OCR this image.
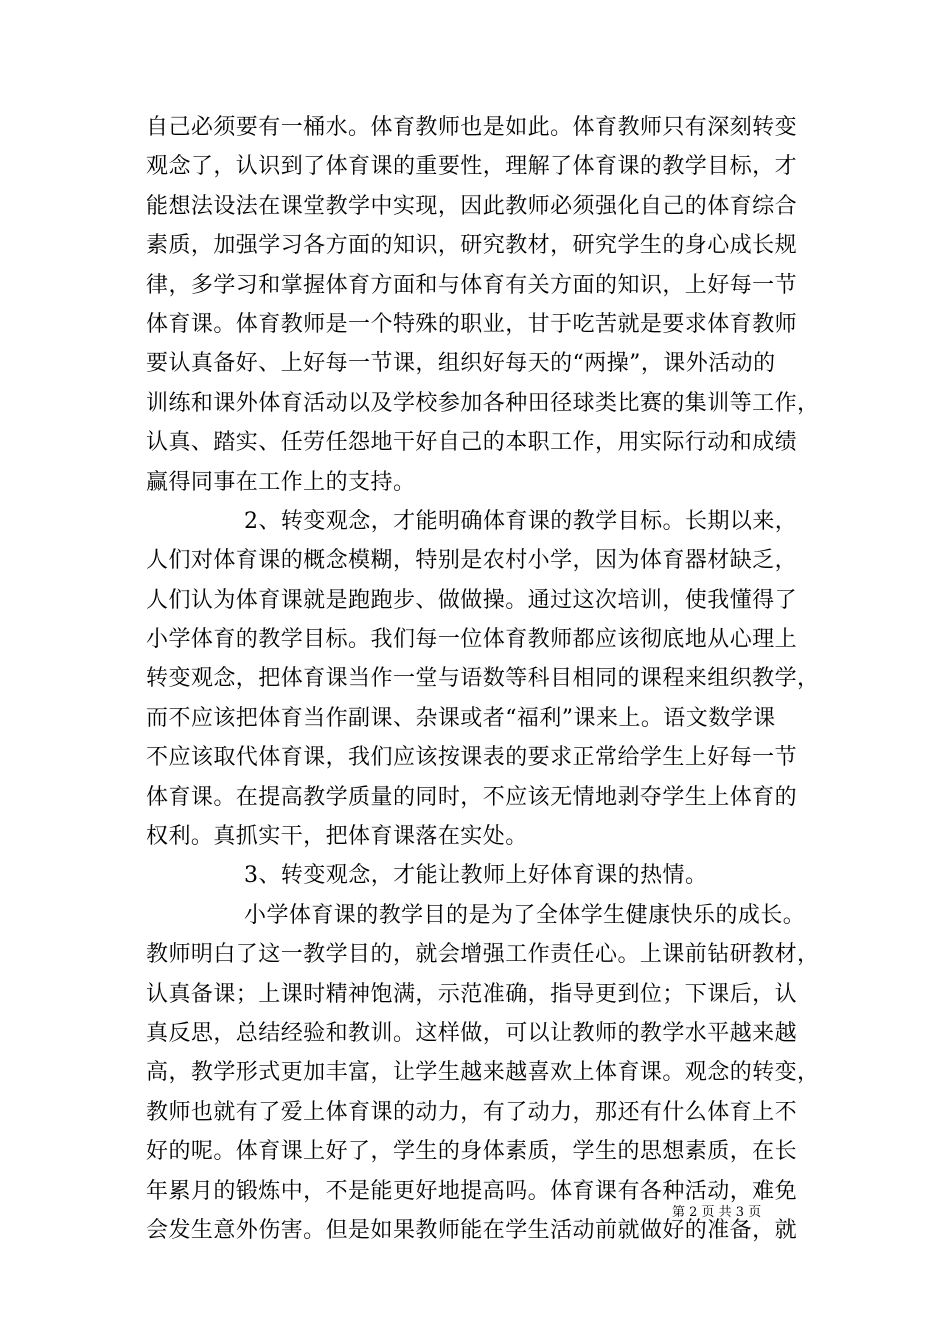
自己必须要有一桶水。体育教师也是如此。体育教师只有深刻转变
观念了，认识到了体育课的重要性，理解了体育课的教学目标，才
能想法设法在课堂教学中实现，因此教师必须强化自己的体育综合
素质，加强学习各方面的知识，研究教材，研究学生的身心成长规
律，多学习和掌握体育方面和与体育有关方面的知识，上好每一节
体育课。体育教师是一个特殊的职业，甘于吃苦就是要求体育教师
要认真备好、上好每一节课，组织好每天的“两操”，课外活动的
训练和课外体育活动以及学校参加各种田径球类比赛的集训等工作，
认真、踏实、任劳任怨地干好自己的本职工作，用实际行动和成绩
赢得同事在工作上的支持。
2、转变观念，才能明确体育课的教学目标。长期以来，
人们对体育课的概念模糊，特别是农村小学，因为体育器材缺乏，
人们认为体育课就是跑跑步、做做操。通过这次培训，使我懂得了
小学体育的教学目标。我们每一位体育教师都应该彻底地从心理上
转变观念，把体育课当作一堂与语数等科目相同的课程来组织教学，
而不应该把体育当作副课、杂课或者“福利”课来上。语文数学课
不应该取代体育课，我们应该按课表的要求正常给学生上好每一节
体育课。在提高教学质量的同时，不应该无情地剥夺学生上体育的
权利。真抓实干，把体育课落在实处。
3、转变观念，才能让教师上好体育课的热情。
小学体育课的教学目的是为了全体学生健康快乐的成长。
教师明白了这一教学目的，就会增强工作责任心。上课前钻研教材，
认真备课；上课时精神饱满，示范准确，指导更到位；下课后，认
真反思，总结经验和教训。这样做，可以让教师的教学水平越来越
高，教学形式更加丰富，让学生越来越喜欢上体育课。观念的转变，
教师也就有了爱上体育课的动力，有了动力，那还有什么体育上不
好的呢。体育课上好了，学生的身体素质，学生的思想素质，在长
年累月的锻炼中，不是能更好地提高吗。体育课有各种活动，难免
会发生意外伤害。但是如果教师能在学生活动前就做好的准备，就
第 2 页 共 3 页
